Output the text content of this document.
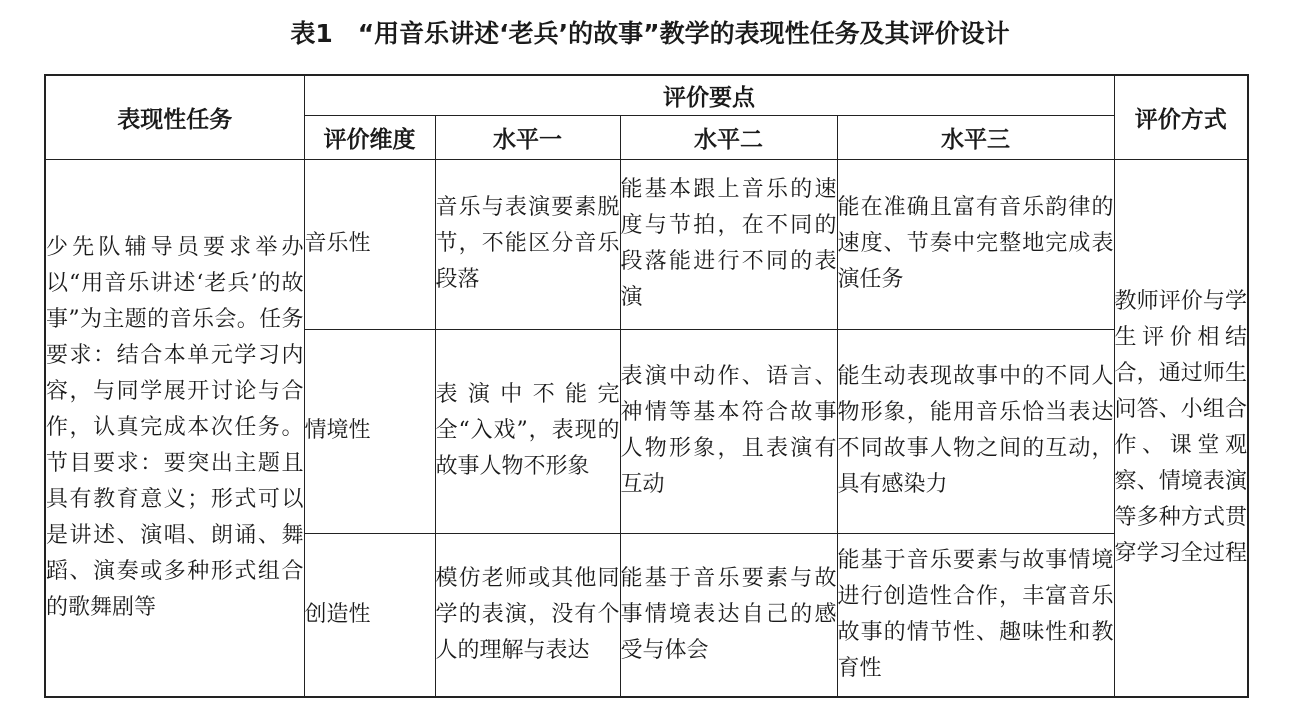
表1　“用音乐讲述‘老兵’的故事”教学的表现性任务及其评价设计
表现性任务	评价要点				评价方式
	评价维度	水平一	水平二	水平三	
少先队辅导员要求举办以“用音乐讲述‘老兵’的故事”为主题的音乐会。任务要求：结合本单元学习内容，与同学展开讨论与合作，认真完成本次任务。节目要求：要突出主题且具有教育意义；形式可以是讲述、演唱、朗诵、舞蹈、演奏或多种形式组合的歌舞剧等	音乐性	音乐与表演要素脱节，不能区分音乐段落	能基本跟上音乐的速度与节拍，在不同的段落能进行不同的表演	能在准确且富有音乐韵律的速度、节奏中完整地完成表演任务	教师评价与学生评价相结合，通过师生问答、小组合作、课堂观察、情境表演等多种方式贯穿学习全过程
	情境性	表演中不能完全“入戏”，表现的故事人物不形象	表演中动作、语言、神情等基本符合故事人物形象，且表演有互动	能生动表现故事中的不同人物形象，能用音乐恰当表达不同故事人物之间的互动，具有感染力	
	创造性	模仿老师或其他同学的表演，没有个人的理解与表达	能基于音乐要素与故事情境表达自己的感受与体会	能基于音乐要素与故事情境进行创造性合作，丰富音乐故事的情节性、趣味性和教育性	
